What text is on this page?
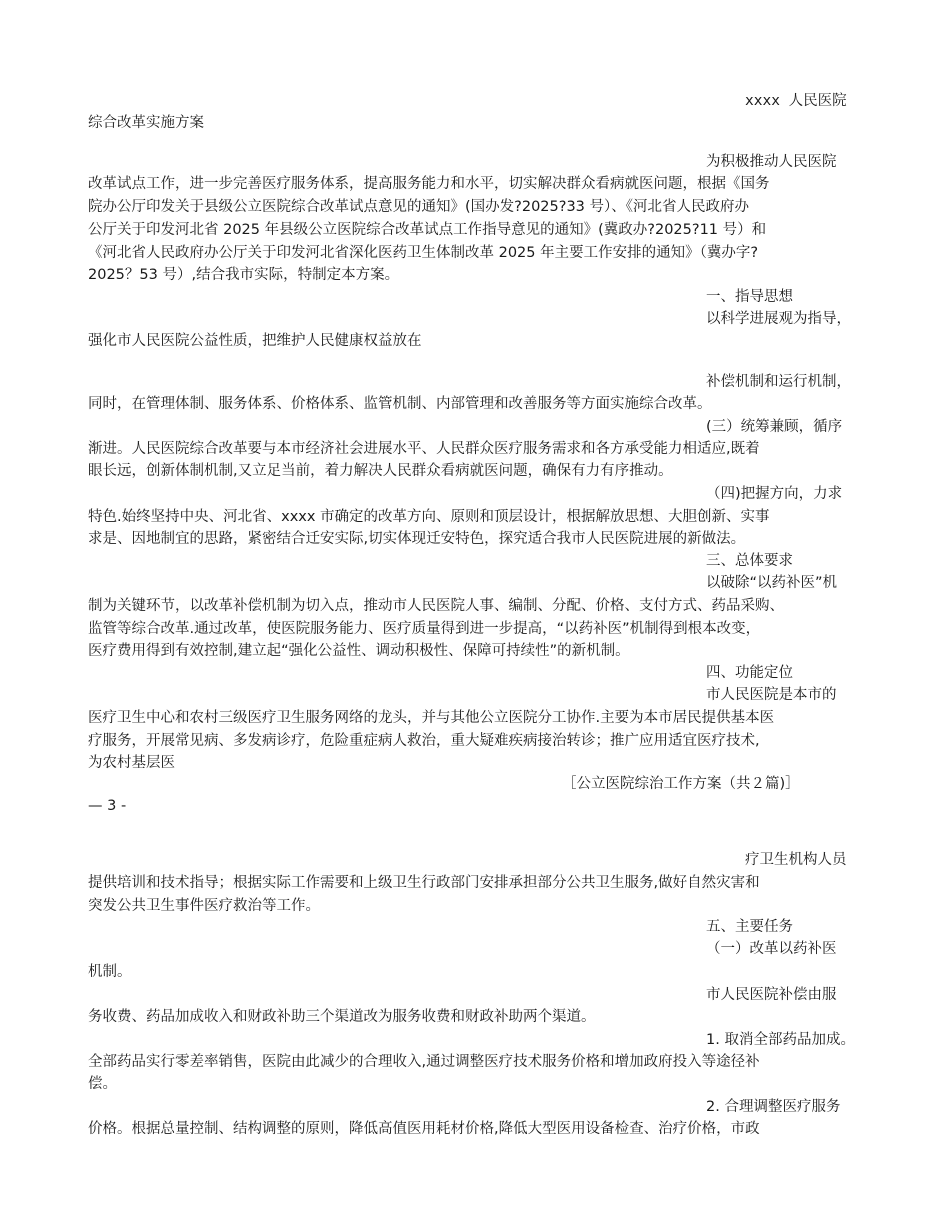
xxxx 人民医院
综合改革实施方案
为积极推动人民医院
改革试点工作，进一步完善医疗服务体系，提高服务能力和水平，切实解决群众看病就医问题，根据《国务
院办公厅印发关于县级公立医院综合改革试点意见的通知》(国办发?2025?33 号）、《河北省人民政府办
公厅关于印发河北省 2025 年县级公立医院综合改革试点工作指导意见的通知》(冀政办?2025?11 号）和
《河北省人民政府办公厅关于印发河北省深化医药卫生体制改革 2025 年主要工作安排的通知》（冀办字?
2025？53 号）,结合我市实际，特制定本方案。
一、指导思想
以科学进展观为指导，
强化市人民医院公益性质，把维护人民健康权益放在
补偿机制和运行机制，
同时，在管理体制、服务体系、价格体系、监管机制、内部管理和改善服务等方面实施综合改革。
(三）统筹兼顾，循序
渐进。人民医院综合改革要与本市经济社会进展水平、人民群众医疗服务需求和各方承受能力相适应,既着
眼长远，创新体制机制,又立足当前，着力解决人民群众看病就医问题，确保有力有序推动。
（四)把握方向，力求
特色.始终坚持中央、河北省、xxxx 市确定的改革方向、原则和顶层设计，根据解放思想、大胆创新、实事
求是、因地制宜的思路，紧密结合迁安实际,切实体现迁安特色，探究适合我市人民医院进展的新做法。
三、总体要求
以破除“以药补医”机
制为关键环节，以改革补偿机制为切入点，推动市人民医院人事、编制、分配、价格、支付方式、药品采购、
监管等综合改革.通过改革，使医院服务能力、医疗质量得到进一步提高，“以药补医”机制得到根本改变，
医疗费用得到有效控制,建立起“强化公益性、调动积极性、保障可持续性”的新机制。
四、功能定位
市人民医院是本市的
医疗卫生中心和农村三级医疗卫生服务网络的龙头，并与其他公立医院分工协作.主要为本市居民提供基本医
疗服务，开展常见病、多发病诊疗，危险重症病人救治，重大疑难疾病接治转诊；推广应用适宜医疗技术,
为农村基层医
［公立医院综治工作方案（共２篇)］
— 3 -
疗卫生机构人员
提供培训和技术指导；根据实际工作需要和上级卫生行政部门安排承担部分公共卫生服务,做好自然灾害和
突发公共卫生事件医疗救治等工作。
五、主要任务
（一）改革以药补医
机制。
市人民医院补偿由服
务收费、药品加成收入和财政补助三个渠道改为服务收费和财政补助两个渠道。
1. 取消全部药品加成。
全部药品实行零差率销售，医院由此减少的合理收入,通过调整医疗技术服务价格和增加政府投入等途径补
偿。
2. 合理调整医疗服务
价格。根据总量控制、结构调整的原则，降低高值医用耗材价格,降低大型医用设备检查、治疗价格，市政
